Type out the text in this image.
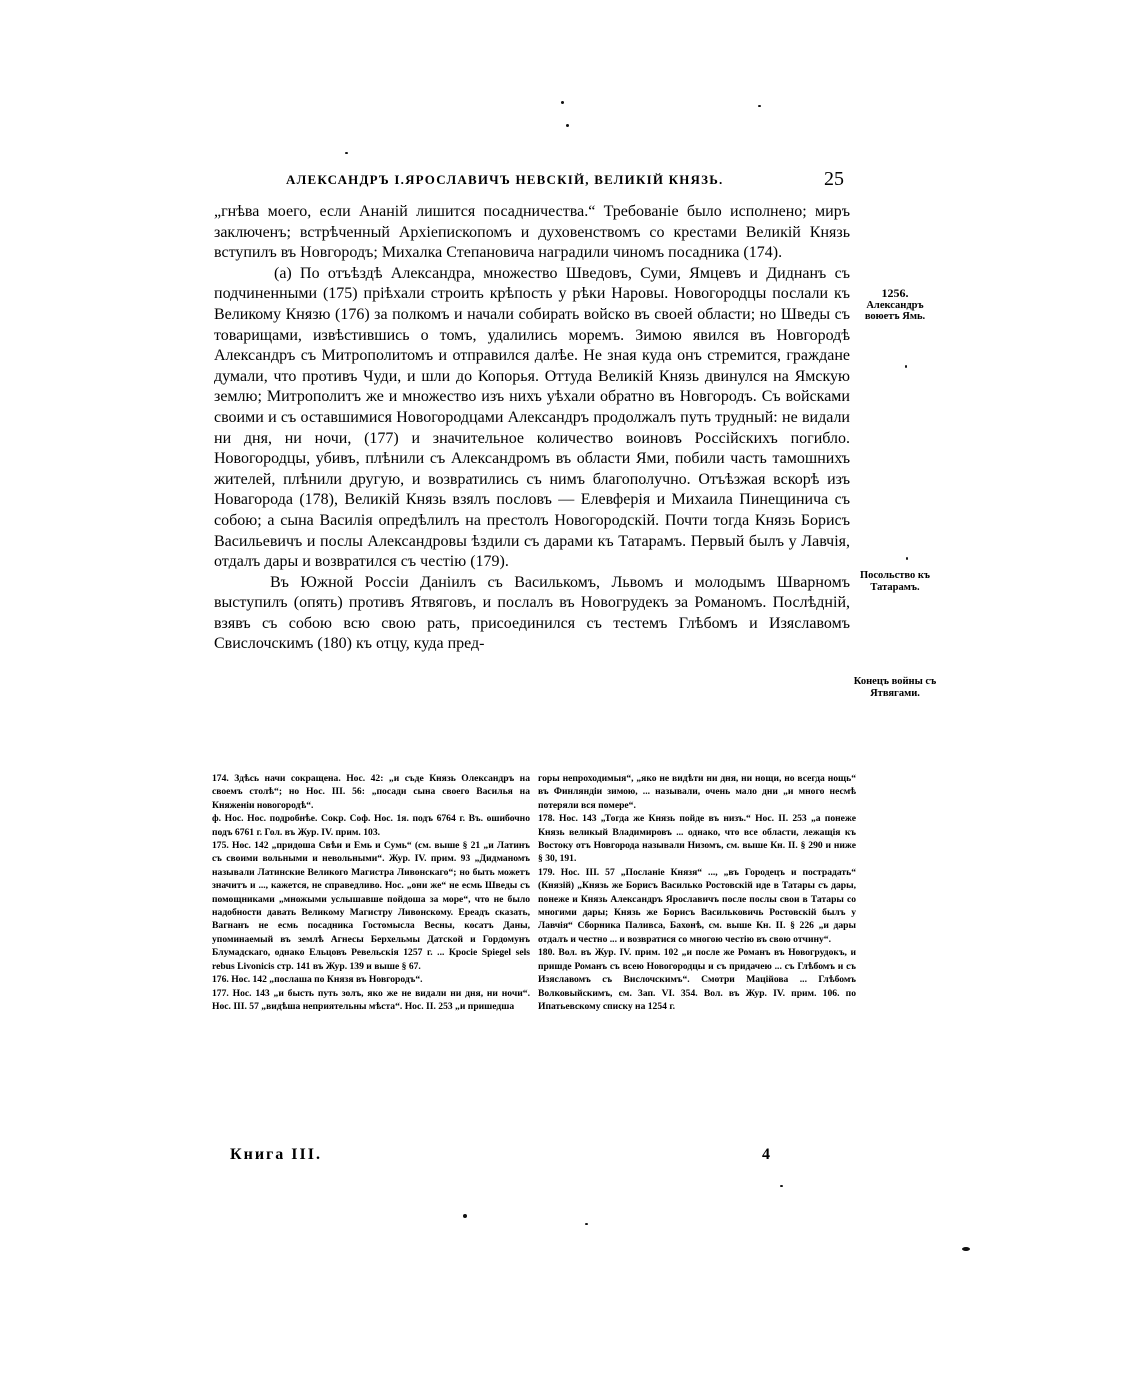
АЛЕКСАНДРЪ I.ЯРОСЛАВИЧЪ НЕВСКІЙ, ВЕЛИКІЙ КНЯЗЬ.	25

„гнѣва моего, если Ананій лишится посадничества.“ Требованіе было исполнено; миръ заключенъ; встрѣченный Архіепископомъ и духовенствомъ со крестами Великій Князь вступилъ въ Новгородъ; Михалка Степановича наградили чиномъ посадника (174).

(а) По отъѣздѣ Александра, множество Шведовъ, Суми, Ямцевъ и Диднанъ съ подчиненными (175) пріѣхали строить крѣпость у рѣки Наровы. Новогородцы послали къ Великому Князю (176) за полкомъ и начали собирать войско въ своей области; но Шведы съ товарищами, извѣстившись о томъ, удалились моремъ. Зимою явился въ Новгородѣ Александръ съ Митрополитомъ и отправился далѣе. Не зная куда онъ стремится, граждане думали, что противъ Чуди, и шли до Копорья. Оттуда Великій Князь двинулся на Ямскую землю; Митрополитъ же и множество изъ нихъ уѣхали обратно въ Новгородъ. Съ войсками своими и съ оставшимися Новогородцами Александръ продолжалъ путь трудный: не видали ни дня, ни ночи, (177) и значительное количество воиновъ Россійскихъ погибло. Новогородцы, убивъ, плѣнили съ Александромъ въ области Ями, побили часть тамошнихъ жителей, плѣнили другую, и возвратились съ нимъ благополучно. Отъѣзжая вскорѣ изъ Новагорода (178), Великій Князь взялъ пословъ — Елевферія и Михаила Пинещинича съ собою; а сына Василія опредѣлилъ на престолъ Новогородскій. Почти тогда Князь Борисъ Васильевичъ и послы Александровы ѣздили съ дарами къ Татарамъ. Первый былъ у Лавчія, отдалъ дары и возвратился съ честію (179).

Въ Южной Россіи Даніилъ съ Василькомъ, Львомъ и молодымъ Шварномъ выступилъ (опять) противъ Ятвяговъ, и послалъ въ Новогрудекъ за Романомъ. Послѣдній, взявъ съ собою всю свою рать, присоединился съ тестемъ Глѣбомъ и Изяславомъ Свислочскимъ (180) къ отцу, куда пред-

1256.
Александръ воюетъ Ямь.
Посольство къ Татарамъ.
Конецъ войны съ Ятвягами.

174. Здѣсь начи сокращена. Нос. 42: „и съде Князь Олександръ на своемъ столѣ“; но Нос. III. 56: „посади сына своего Василья на Княженіи новогородѣ“.

ф. Нос. Нос. подробнѣе. Сокр. Соф. Нос. 1я. подъ 6764 г. Въ. ошибочно подъ 6761 г. Гол. въ Жур. IV. прим. 103.

175. Нос. 142 „придоша Свѣи и Емь и Сумь“ (см. выше § 21 „и Латинъ съ своими вольными и невольными“. Жур. IV. прим. 93 „Дидманомъ называли Латинские Великого Магистра Ливонскаго“; но быть можетъ значитъ и ..., кажется, не справедливо. Нос. „они же“ не есмь Шведы съ помощниками „множыми услышавше пойдоша за море“, что не было надобности давать Великому Магистру Ливонскому. Ереадъ сказать, Вагнанъ не есмь посадника Гостомысла Весны, косатъ Даны, упоминаемый въ землѣ Агнесы Берхельмы Датской и Гордомунъ Блумадскаго, однако Ельцовъ Ревельскія 1257 г. ... Кросіе Spiegel sels rebus Livonicis стр. 141 въ Жур. 139 и выше § 67.

176. Нос. 142 „послаша по Князя въ Новгородъ“.

177. Нос. 143 „и бысть путь золъ, яко же не видали ни дня, ни ночи“. Нос. III. 57 „видѣша неприятельны мѣста“. Нос. II. 253 „и пришедша

горы непроходимыя“, „яко не видѣти ни дня, ни нощи, но всегда нощь“ въ Финляндіи зимою, ... называли, очень мало дни „и много несмѣ потеряли вся помере“.

178. Нос. 143 „Тогда же Князь пойде въ низъ.“ Нос. II. 253 „а понеже Князь великый Владимировъ ... однако, что все области, лежащія къ Востоку отъ Новгорода называли Низомъ, см. выше Кн. II. § 290 и ниже § 30, 191.

179. Нос. III. 57 „Посланіе Князя“ ..., „въ Городецъ и пострадать“ (Князій) „Князь же Борисъ Василько Ростовскій иде в Татары съ дары, понеже и Князь Александръ Ярославичъ после послы свои в Татары со многими дары; Князь же Борисъ Васильковичь Ростовскій былъ у Лавчія“ Сборника Паливса, Бахонѣ, см. выше Кн. II. § 226 „и дары отдалъ и честно ... и возвратися со многою честію въ свою отчину“.

180. Вол. въ Жур. IV. прим. 102 „и после же Романъ въ Новогрудокъ, и пришде Романъ съ всею Новогородцы и съ придачею ... съ Глѣбомъ и съ Изяславомъ съ Вислочскимъ“. Смотри Маційова ... Глѣбомъ Волковыйскимъ, см. 3ап. VI. 354. Вол. въ Жур. IV. прим. 106. по Ипатьевскому списку на 1254 г.

Книга III.	4
